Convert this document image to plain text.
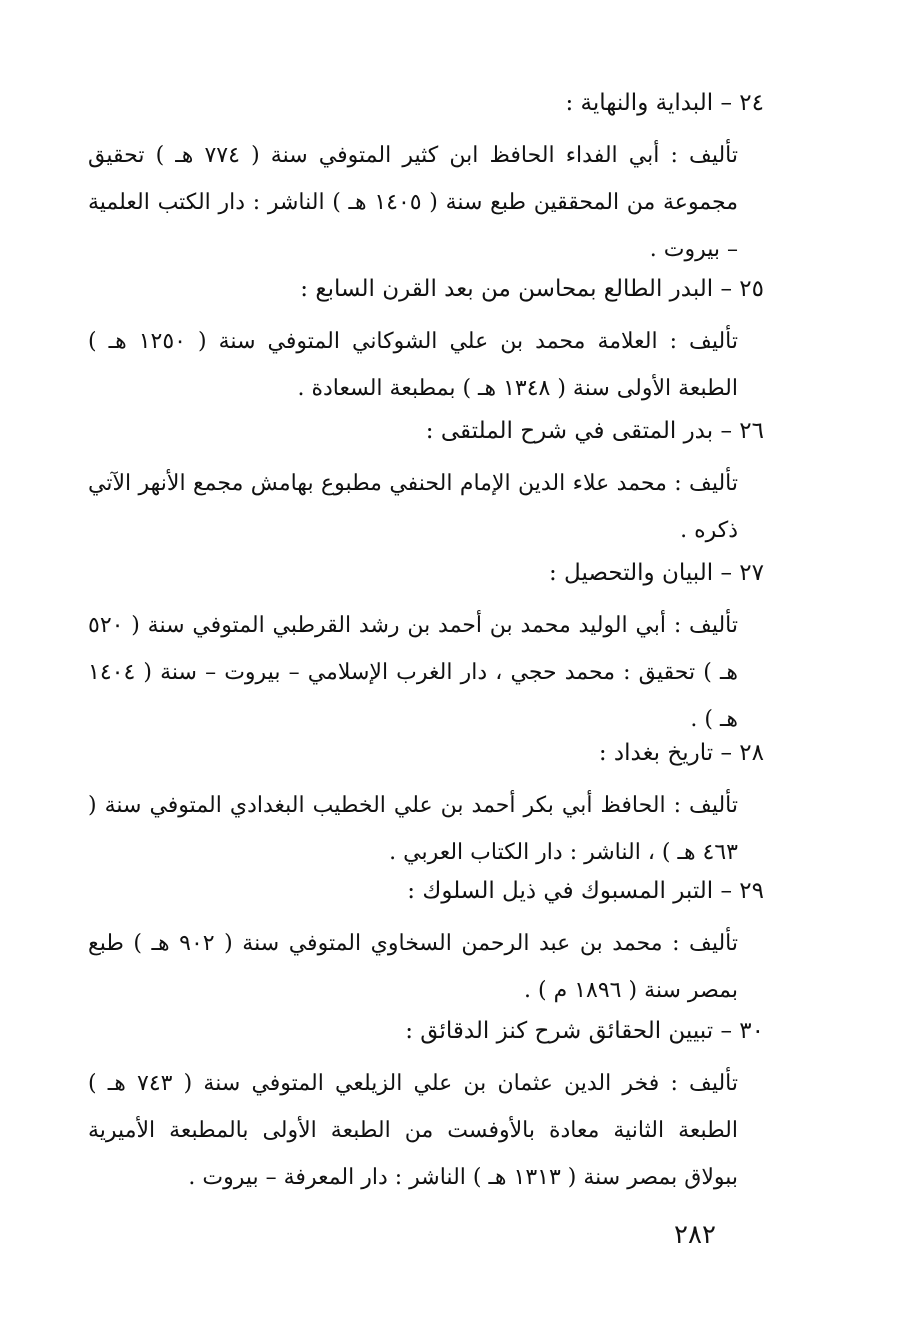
٢٤ – البداية والنهاية :
تأليف : أبي الفداء الحافظ ابن كثير المتوفي سنة ( ٧٧٤ هـ ) تحقيق مجموعة من المحققين طبع سنة ( ١٤٠٥ هـ ) الناشر : دار الكتب العلمية – بيروت .
٢٥ – البدر الطالع بمحاسن من بعد القرن السابع :
تأليف : العلامة محمد بن علي الشوكاني المتوفي سنة ( ١٢٥٠ هـ ) الطبعة الأولى سنة ( ١٣٤٨ هـ ) بمطبعة السعادة .
٢٦ – بدر المتقى في شرح الملتقى :
تأليف : محمد علاء الدين الإمام الحنفي مطبوع بهامش مجمع الأنهر الآتي ذكره .
٢٧ – البيان والتحصيل :
تأليف : أبي الوليد محمد بن أحمد بن رشد القرطبي المتوفي سنة ( ٥٢٠ هـ ) تحقيق : محمد حجي ، دار الغرب الإسلامي – بيروت – سنة ( ١٤٠٤ هـ ) .
٢٨ – تاريخ بغداد :
تأليف : الحافظ أبي بكر أحمد بن علي الخطيب البغدادي المتوفي سنة ( ٤٦٣ هـ ) ، الناشر : دار الكتاب العربي .
٢٩ – التبر المسبوك في ذيل السلوك :
تأليف : محمد بن عبد الرحمن السخاوي المتوفي سنة ( ٩٠٢ هـ ) طبع بمصر سنة ( ١٨٩٦ م ) .
٣٠ – تبيين الحقائق شرح كنز الدقائق :
تأليف : فخر الدين عثمان بن علي الزيلعي المتوفي سنة ( ٧٤٣ هـ ) الطبعة الثانية معادة بالأوفست من الطبعة الأولى بالمطبعة الأميرية ببولاق بمصر سنة ( ١٣١٣ هـ ) الناشر : دار المعرفة – بيروت .
٢٨٢
